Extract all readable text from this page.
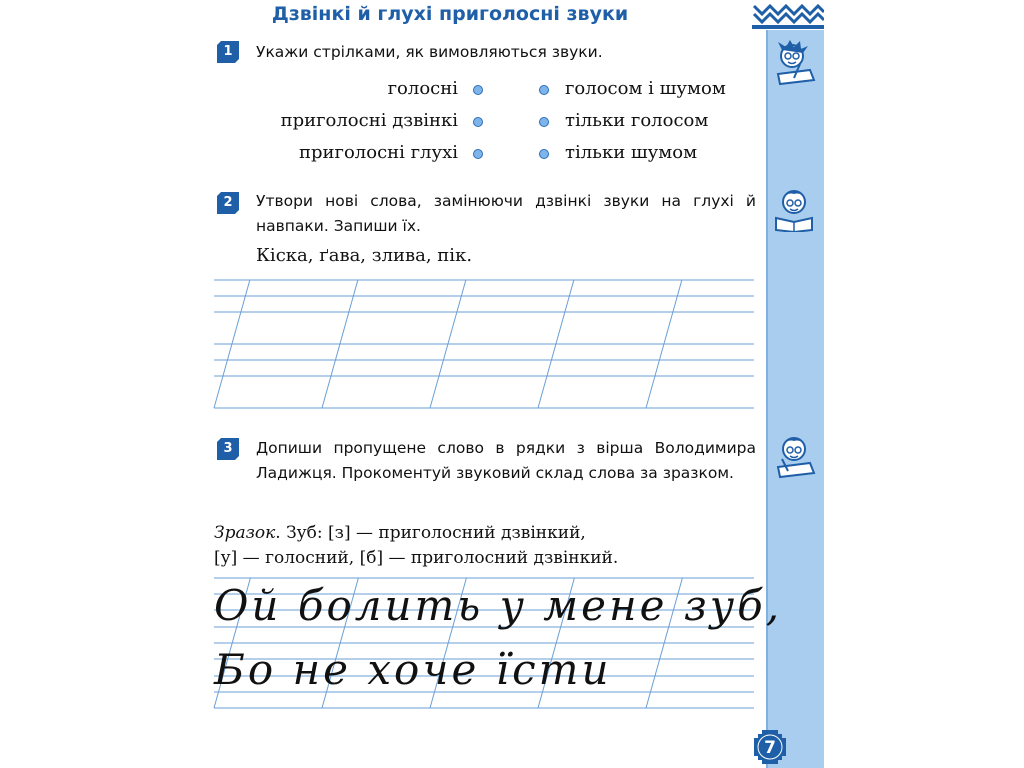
Дзвінкі й глухі приголосні звуки
1	Укажи стрілками, як вимовляються звуки.
голосні
приголосні дзвінкі
приголосні глухі
голосом і шумом
тільки голосом
тільки шумом
2	Утвори нові слова, замінюючи дзвінкі звуки на глухі й навпаки. Запиши їх.
Кіска, ґава, злива, пік.
3	Допиши пропущене слово в рядки з вірша Володимира Ладижця. Прокоментуй звуковий склад слова за зразком.
Зразок. Зуб: [з] — приголосний дзвінкий,
[у] — голосний, [б] — приголосний дзвінкий.
Ой болить у мене зуб,
Бо не хоче їсти
7
